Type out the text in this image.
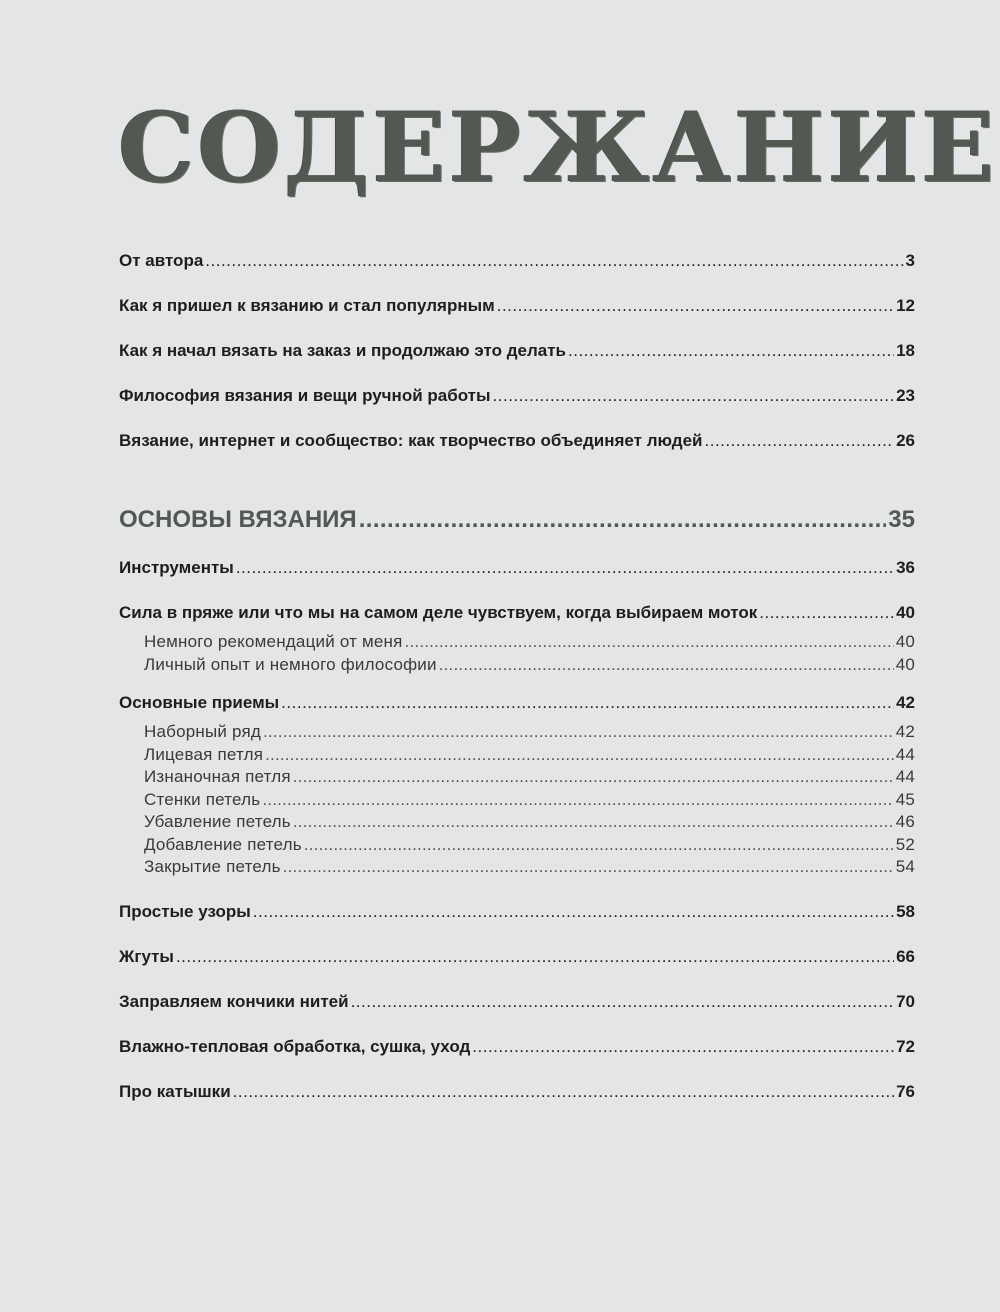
СОДЕРЖАНИЕ
От автора .....	3
Как я пришел к вязанию и стал популярным .....	12
Как я начал вязать на заказ и продолжаю это делать .....	18
Философия вязания и вещи ручной работы .....	23
Вязание, интернет и сообщество: как творчество объединяет людей .....	26
ОСНОВЫ ВЯЗАНИЯ .....	35
Инструменты .....	36
Сила в пряже или что мы на самом деле чувствуем, когда выбираем моток .....	40
Немного рекомендаций от меня .....	40
Личный опыт и немного философии .....	40
Основные приемы .....	42
Наборный ряд .....	42
Лицевая петля .....	44
Изнаночная петля .....	44
Стенки петель .....	45
Убавление петель .....	46
Добавление петель .....	52
Закрытие петель .....	54
Простые узоры .....	58
Жгуты .....	66
Заправляем кончики нитей .....	70
Влажно-тепловая обработка, сушка, уход .....	72
Про катышки .....	76
